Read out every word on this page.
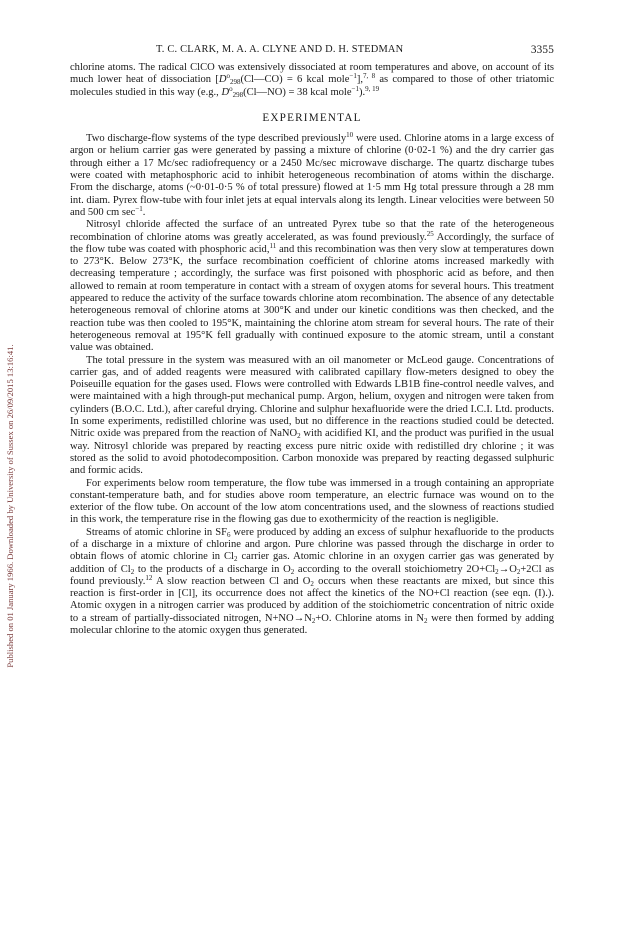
Published on 01 January 1966. Downloaded by University of Sussex on 26/09/2015 13:16:41.
T. C. CLARK, M. A. A. CLYNE AND D. H. STEDMAN	3355

chlorine atoms. The radical ClCO was extensively dissociated at room temperatures and above, on account of its much lower heat of dissociation [$D^o_{298}(Cl—CO) = 6$ kcal mole$^{-1}$],$^{7, 8}$ as compared to those of other triatomic molecules studied in this way (e.g., $D^o_{298}(Cl—NO) = 38$ kcal mole$^{-1}$).$^{9, 19}$

EXPERIMENTAL

Two discharge-flow systems of the type described previously$^{10}$ were used. Chlorine atoms in a large excess of argon or helium carrier gas were generated by passing a mixture of chlorine (0·02-1 %) and the dry carrier gas through either a 17 Mc/sec radiofrequency or a 2450 Mc/sec microwave discharge. The quartz discharge tubes were coated with metaphosphoric acid to inhibit heterogeneous recombination of atoms within the discharge. From the discharge, atoms (~0·01-0·5 % of total pressure) flowed at 1·5 mm Hg total pressure through a 28 mm int. diam. Pyrex flow-tube with four inlet jets at equal intervals along its length. Linear velocities were between 50 and 500 cm $\sec^{-1}$.

Nitrosyl chloride affected the surface of an untreated Pyrex tube so that the rate of the heterogeneous recombination of chlorine atoms was greatly accelerated, as was found previously.$^{25}$ Accordingly, the surface of the flow tube was coated with phosphoric acid,$^{11}$ and this recombination was then very slow at temperatures down to 273°K. Below 273°K, the surface recombination coefficient of chlorine atoms increased markedly with decreasing temperature ; accordingly, the surface was first poisoned with phosphoric acid as before, and then allowed to remain at room temperature in contact with a stream of oxygen atoms for several hours. This treatment appeared to reduce the activity of the surface towards chlorine atom recombination. The absence of any detectable heterogeneous removal of chlorine atoms at 300°K and under our kinetic conditions was then checked, and the reaction tube was then cooled to 195°K, maintaining the chlorine atom stream for several hours. The rate of their heterogeneous removal at 195°K fell gradually with continued exposure to the atomic stream, until a constant value was obtained.

The total pressure in the system was measured with an oil manometer or McLeod gauge. Concentrations of carrier gas, and of added reagents were measured with calibrated capillary flow-meters designed to obey the Poiseuille equation for the gases used. Flows were controlled with Edwards LB1B fine-control needle valves, and were maintained with a high through-put mechanical pump. Argon, helium, oxygen and nitrogen were taken from cylinders (B.O.C. Ltd.), after careful drying. Chlorine and sulphur hexafluoride were the dried I.C.I. Ltd. products. In some experiments, redistilled chlorine was used, but no difference in the reactions studied could be detected. Nitric oxide was prepared from the reaction of NaNO$_2$ with acidified KI, and the product was purified in the usual way. Nitrosyl chloride was prepared by reacting excess pure nitric oxide with redistilled dry chlorine ; it was stored as the solid to avoid photodecomposition. Carbon monoxide was prepared by reacting degassed sulphuric and formic acids.

For experiments below room temperature, the flow tube was immersed in a trough containing an appropriate constant-temperature bath, and for studies above room temperature, an electric furnace was wound on to the exterior of the flow tube. On account of the low atom concentrations used, and the slowness of reactions studied in this work, the temperature rise in the flowing gas due to exothermicity of the reaction is negligible.

Streams of atomic chlorine in $SF_6$ were produced by adding an excess of sulphur hexafluoride to the products of a discharge in a mixture of chlorine and argon. Pure chlorine was passed through the discharge in order to obtain flows of atomic chlorine in $Cl_2$ carrier gas. Atomic chlorine in an oxygen carrier gas was generated by addition of $Cl_2$ to the products of a discharge in $O_2$ according to the overall stoichiometry $2O+Cl_2\to O_2+2Cl$ as found previously.$^{12}$ A slow reaction between Cl and $O_2$ occurs when these reactants are mixed, but since this reaction is first-order in [Cl], its occurrence does not affect the kinetics of the NO+Cl reaction (see eqn. (I).). Atomic oxygen in a nitrogen carrier was produced by addition of the stoichiometric concentration of nitric oxide to a stream of partially-dissociated nitrogen, $N+NO\to N_2+O$. Chlorine atoms in $N_2$ were then formed by adding molecular chlorine to the atomic oxygen thus generated.
